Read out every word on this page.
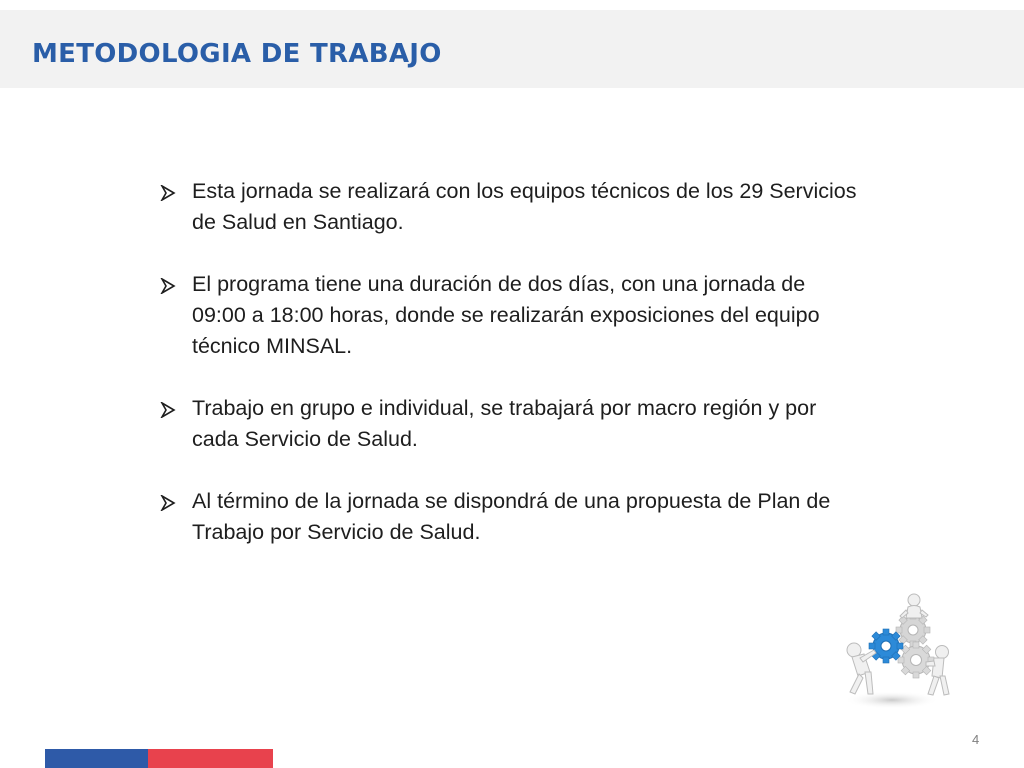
METODOLOGIA DE TRABAJO
Esta jornada se realizará con los equipos técnicos de los 29 Servicios de Salud en Santiago.
El programa tiene una duración de dos días, con una jornada de 09:00 a 18:00 horas, donde se realizarán exposiciones del equipo técnico MINSAL.
Trabajo en grupo e individual, se trabajará por macro región y por cada Servicio de Salud.
Al término de la jornada se dispondrá de una propuesta de Plan de Trabajo por Servicio de Salud.
4
